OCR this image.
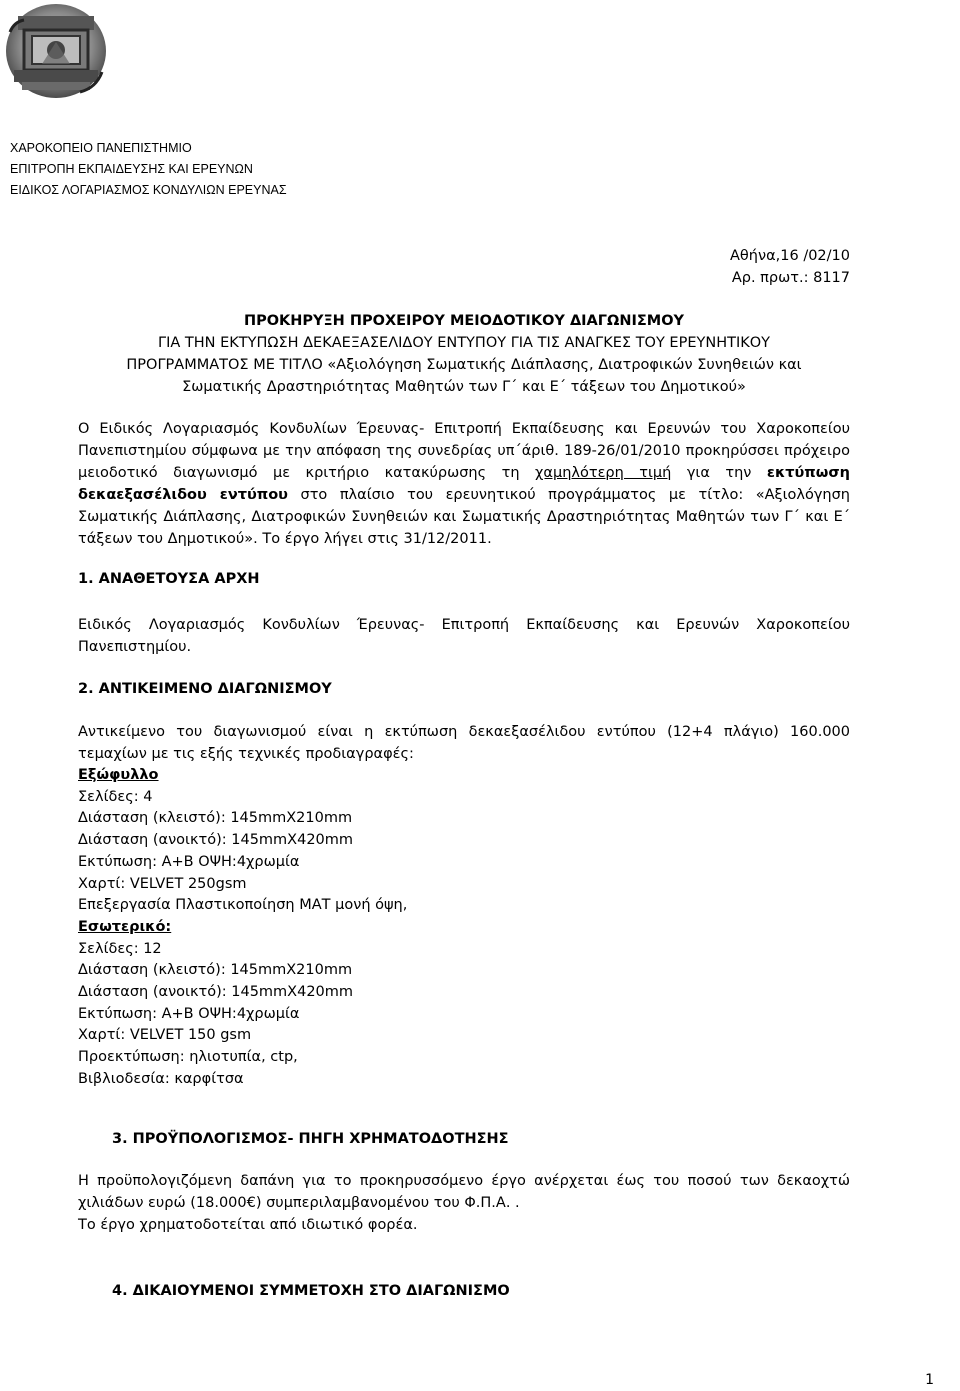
ΧΑΡΟΚΟΠΕΙΟ ΠΑΝΕΠΙΣΤΗΜΙΟ
ΕΠΙΤΡΟΠΗ ΕΚΠΑΙΔΕΥΣΗΣ ΚΑΙ ΕΡΕΥΝΩΝ
ΕΙΔΙΚΟΣ ΛΟΓΑΡΙΑΣΜΟΣ ΚΟΝΔΥΛΙΩΝ ΕΡΕΥΝΑΣ
Αθήνα,16 /02/10
Αρ. πρωτ.: 8117
ΠΡΟΚΗΡΥΞΗ ΠΡΟΧΕΙΡΟΥ ΜΕΙΟΔΟΤΙΚΟΥ ΔΙΑΓΩΝΙΣΜΟΥ
ΓΙΑ ΤΗΝ ΕΚΤΥΠΩΣΗ ΔΕΚΑΕΞΑΣΕΛΙΔΟΥ ΕΝΤΥΠΟΥ ΓΙΑ ΤΙΣ ΑΝΑΓΚΕΣ ΤΟΥ ΕΡΕΥΝΗΤΙΚΟΥ
ΠΡΟΓΡΑΜΜΑΤΟΣ ΜΕ ΤΙΤΛΟ «Αξιολόγηση Σωματικής Διάπλασης, Διατροφικών Συνηθειών και
Σωματικής Δραστηριότητας Μαθητών των Γ΄ και Ε΄ τάξεων του Δημοτικού»
Ο Ειδικός Λογαριασμός Κονδυλίων Έρευνας- Επιτροπή Εκπαίδευσης και Ερευνών του Χαροκοπείου Πανεπιστημίου σύμφωνα με την απόφαση της συνεδρίας υπ΄άριθ. 189-26/01/2010 προκηρύσσει πρόχειρο μειοδοτικό διαγωνισμό με κριτήριο κατακύρωσης τη χαμηλότερη τιμή για την εκτύπωση δεκαεξασέλιδου εντύπου στο πλαίσιο του ερευνητικού προγράμματος με τίτλο: «Αξιολόγηση Σωματικής Διάπλασης, Διατροφικών Συνηθειών και Σωματικής Δραστηριότητας Μαθητών των Γ΄ και Ε΄ τάξεων του Δημοτικού». Το έργο λήγει στις 31/12/2011.
1. ΑΝΑΘΕΤΟΥΣΑ ΑΡΧΗ
Ειδικός Λογαριασμός Κονδυλίων Έρευνας- Επιτροπή Εκπαίδευσης και Ερευνών Χαροκοπείου Πανεπιστημίου.
2. ΑΝΤΙΚΕΙΜΕΝΟ ΔΙΑΓΩΝΙΣΜΟΥ
Αντικείμενο του διαγωνισμού είναι η εκτύπωση δεκαεξασέλιδου εντύπου (12+4 πλάγιο) 160.000 τεμαχίων με τις εξής τεχνικές προδιαγραφές:
Εξώφυλλο
Σελίδες: 4
Διάσταση (κλειστό): 145mmΧ210mm
Διάσταση (ανοικτό): 145mmΧ420mm
Εκτύπωση: Α+Β ΟΨΗ:4χρωμία
Χαρτί: VELVET 250gsm
Επεξεργασία Πλαστικοποίηση ΜΑΤ μονή όψη,
Εσωτερικό:
Σελίδες: 12
Διάσταση (κλειστό): 145mmΧ210mm
Διάσταση (ανοικτό): 145mmΧ420mm
Εκτύπωση: Α+Β ΟΨΗ:4χρωμία
Χαρτί: VELVET 150 gsm
Προεκτύπωση: ηλιοτυπία, ctp,
Βιβλιοδεσία: καρφίτσα
3. ΠΡΟΫΠΟΛΟΓΙΣΜΟΣ- ΠΗΓΗ ΧΡΗΜΑΤΟΔΟΤΗΣΗΣ
Η προϋπολογιζόμενη δαπάνη για το προκηρυσσόμενο έργο ανέρχεται έως του ποσού των δεκαοχτώ χιλιάδων ευρώ (18.000€) συμπεριλαμβανομένου του Φ.Π.Α. .
Το έργο χρηματοδοτείται από ιδιωτικό φορέα.
4. ΔΙΚΑΙΟΥΜΕΝΟΙ ΣΥΜΜΕΤΟΧΗ ΣΤΟ ΔΙΑΓΩΝΙΣΜΟ
1
